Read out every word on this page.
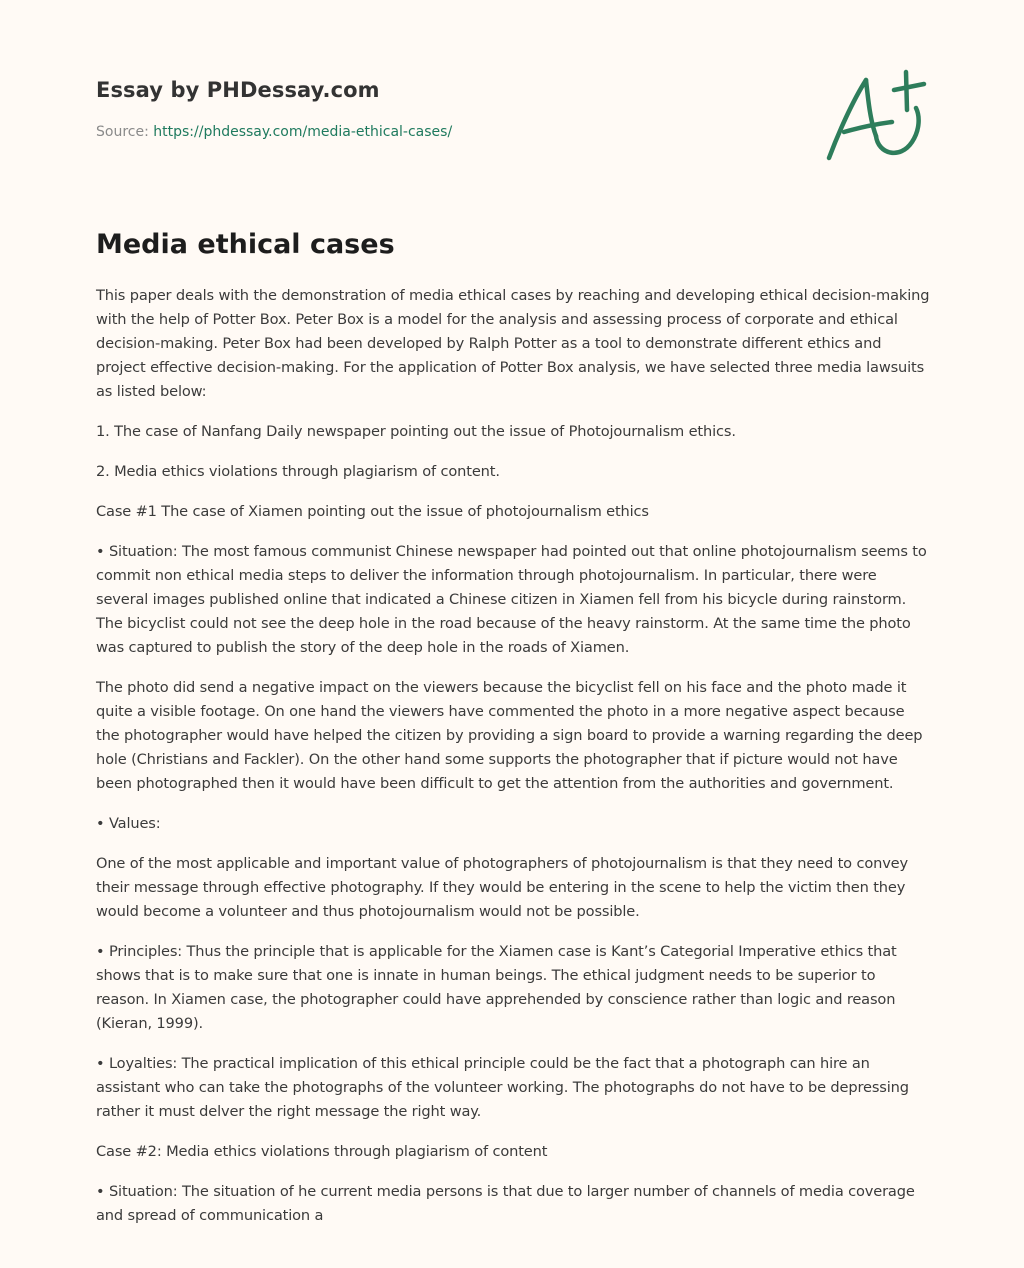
Essay by PHDessay.com
Source: https://phdessay.com/media-ethical-cases/
Media ethical cases

This paper deals with the demonstration of media ethical cases by reaching and developing ethical decision-making with the help of Potter Box. Peter Box is a model for the analysis and assessing process of corporate and ethical decision-making. Peter Box had been developed by Ralph Potter as a tool to demonstrate different ethics and project effective decision-making. For the application of Potter Box analysis, we have selected three media lawsuits as listed below:

1. The case of Nanfang Daily newspaper pointing out the issue of Photojournalism ethics.

2. Media ethics violations through plagiarism of content.

Case #1 The case of Xiamen pointing out the issue of photojournalism ethics

• Situation: The most famous communist Chinese newspaper had pointed out that online photojournalism seems to commit non ethical media steps to deliver the information through photojournalism. In particular, there were several images published online that indicated a Chinese citizen in Xiamen fell from his bicycle during rainstorm. The bicyclist could not see the deep hole in the road because of the heavy rainstorm. At the same time the photo was captured to publish the story of the deep hole in the roads of Xiamen.

The photo did send a negative impact on the viewers because the bicyclist fell on his face and the photo made it quite a visible footage. On one hand the viewers have commented the photo in a more negative aspect because the photographer would have helped the citizen by providing a sign board to provide a warning regarding the deep hole (Christians and Fackler). On the other hand some supports the photographer that if picture would not have been photographed then it would have been difficult to get the attention from the authorities and government.

• Values:

One of the most applicable and important value of photographers of photojournalism is that they need to convey their message through effective photography. If they would be entering in the scene to help the victim then they would become a volunteer and thus photojournalism would not be possible.

• Principles: Thus the principle that is applicable for the Xiamen case is Kant’s Categorial Imperative ethics that shows that is to make sure that one is innate in human beings. The ethical judgment needs to be superior to reason. In Xiamen case, the photographer could have apprehended by conscience rather than logic and reason (Kieran, 1999).

• Loyalties: The practical implication of this ethical principle could be the fact that a photograph can hire an assistant who can take the photographs of the volunteer working. The photographs do not have to be depressing rather it must delver the right message the right way.

Case #2: Media ethics violations through plagiarism of content

• Situation: The situation of he current media persons is that due to larger number of channels of media coverage and spread of communication a
